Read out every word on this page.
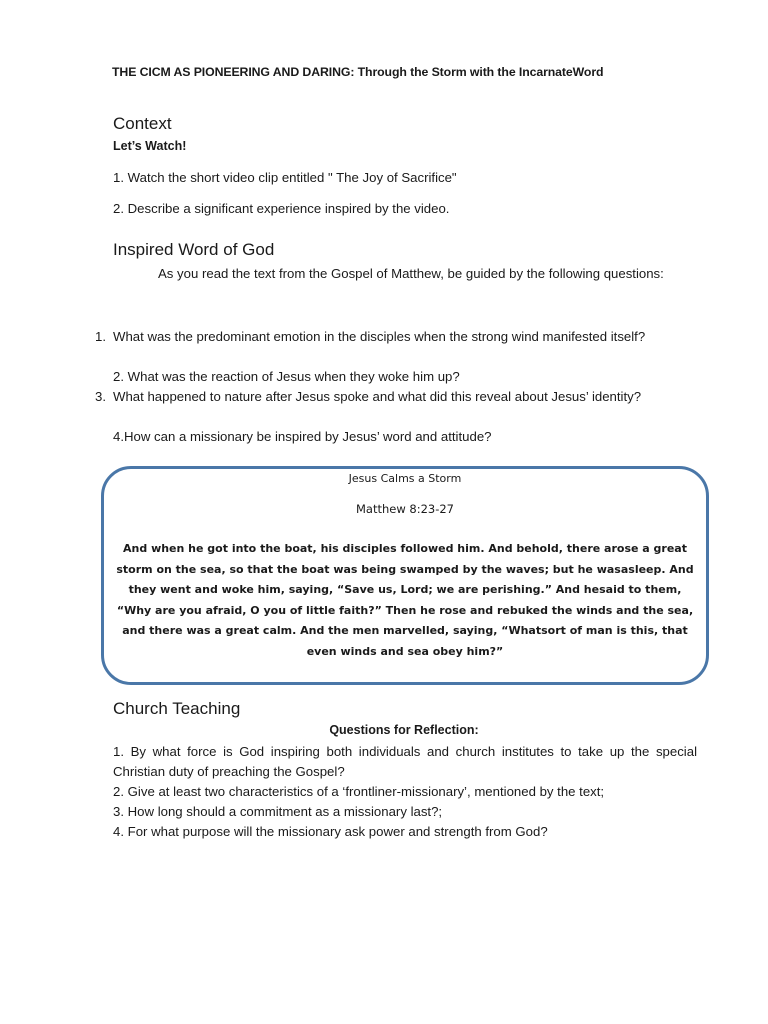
THE CICM AS PIONEERING AND DARING: Through the Storm with the IncarnateWord
Context
Let’s Watch!
1. Watch the short video clip entitled " The Joy of Sacrifice"
2. Describe a significant experience inspired by the video.
Inspired Word of God
As you read the text from the Gospel of Matthew, be guided by the following questions:
1. What was the predominant emotion in the disciples when the strong wind manifested itself?
2. What was the reaction of Jesus when they woke him up?
3. What happened to nature after Jesus spoke and what did this reveal about Jesus’ identity?
4.How can a missionary be inspired by Jesus’ word and attitude?
Jesus Calms a Storm
Matthew 8:23-27
And when he got into the boat, his disciples followed him. And behold, there arose a great storm on the sea, so that the boat was being swamped by the waves; but he wasasleep. And they went and woke him, saying, “Save us, Lord; we are perishing.” And hesaid to them, “Why are you afraid, O you of little faith?” Then he rose and rebuked the winds and the sea, and there was a great calm. And the men marvelled, saying, “Whatsort of man is this, that even winds and sea obey him?”
Church Teaching
Questions for Reflection:
1. By what force is God inspiring both individuals and church institutes to take up the special Christian duty of preaching the Gospel?
2. Give at least two characteristics of a ‘frontliner-missionary’, mentioned by the text;
3. How long should a commitment as a missionary last?;
4. For what purpose will the missionary ask power and strength from God?
